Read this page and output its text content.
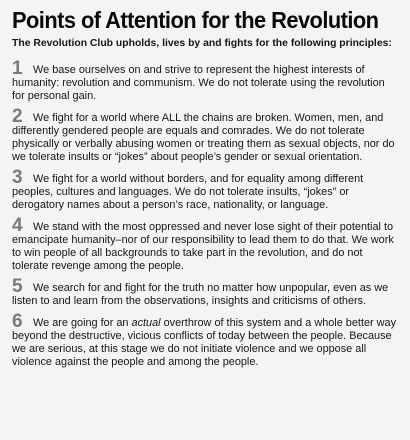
Points of Attention for the Revolution
The Revolution Club upholds, lives by and fights for the following principles:

1 We base ourselves on and strive to represent the highest interests of humanity: revolution and communism. We do not tolerate using the revolution for personal gain.

2 We fight for a world where ALL the chains are broken. Women, men, and differently gendered people are equals and comrades. We do not tolerate physically or verbally abusing women or treating them as sexual objects, nor do we tolerate insults or “jokes” about people’s gender or sexual orientation.

3 We fight for a world without borders, and for equality among different peoples, cultures and languages. We do not tolerate insults, “jokes” or derogatory names about a person’s race, nationality, or language.

4 We stand with the most oppressed and never lose sight of their potential to emancipate humanity–nor of our responsibility to lead them to do that. We work to win people of all backgrounds to take part in the revolution, and do not tolerate revenge among the people.

5 We search for and fight for the truth no matter how unpopular, even as we listen to and learn from the observations, insights and criticisms of others.

6 We are going for an actual overthrow of this system and a whole better way beyond the destructive, vicious conflicts of today between the people. Because we are serious, at this stage we do not initiate violence and we oppose all violence against the people and among the people.
